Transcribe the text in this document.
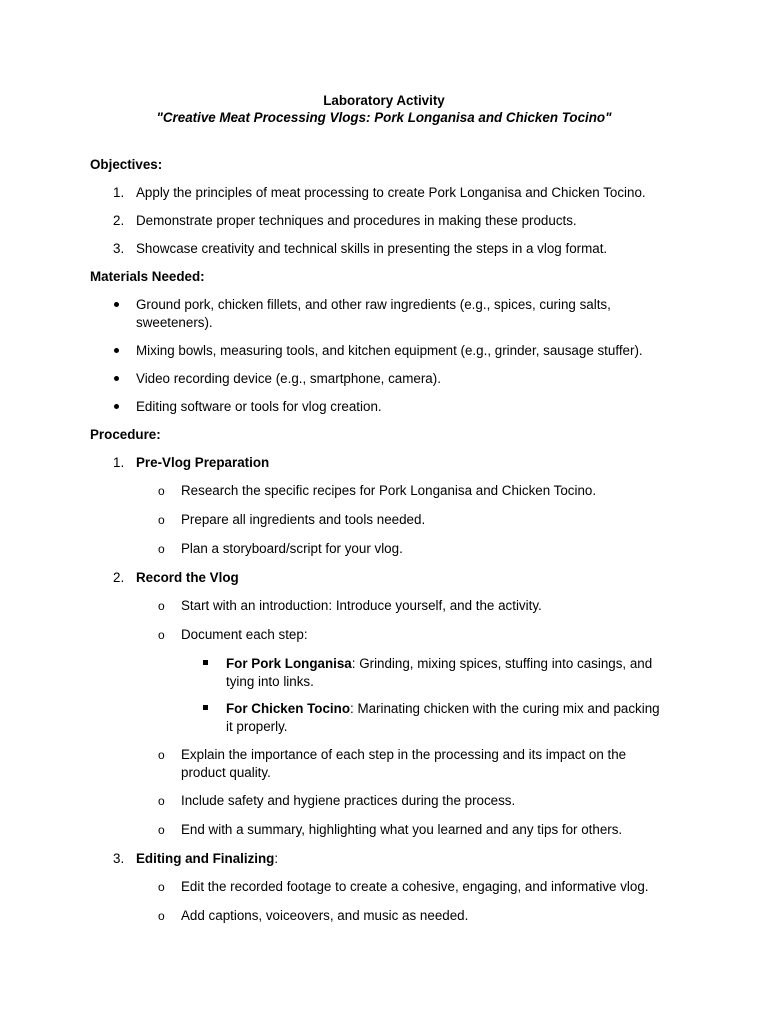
Laboratory Activity
"Creative Meat Processing Vlogs: Pork Longanisa and Chicken Tocino"
Objectives:
1. Apply the principles of meat processing to create Pork Longanisa and Chicken Tocino.
2. Demonstrate proper techniques and procedures in making these products.
3. Showcase creativity and technical skills in presenting the steps in a vlog format.
Materials Needed:
Ground pork, chicken fillets, and other raw ingredients (e.g., spices, curing salts,
sweeteners).
Mixing bowls, measuring tools, and kitchen equipment (e.g., grinder, sausage stuffer).
Video recording device (e.g., smartphone, camera).
Editing software or tools for vlog creation.
Procedure:
1. Pre-Vlog Preparation
o Research the specific recipes for Pork Longanisa and Chicken Tocino.
o Prepare all ingredients and tools needed.
o Plan a storyboard/script for your vlog.
2. Record the Vlog
o Start with an introduction: Introduce yourself, and the activity.
o Document each step:
For Pork Longanisa: Grinding, mixing spices, stuffing into casings, and
tying into links.
For Chicken Tocino: Marinating chicken with the curing mix and packing
it properly.
o Explain the importance of each step in the processing and its impact on the
product quality.
o Include safety and hygiene practices during the process.
o End with a summary, highlighting what you learned and any tips for others.
3. Editing and Finalizing:
o Edit the recorded footage to create a cohesive, engaging, and informative vlog.
o Add captions, voiceovers, and music as needed.
